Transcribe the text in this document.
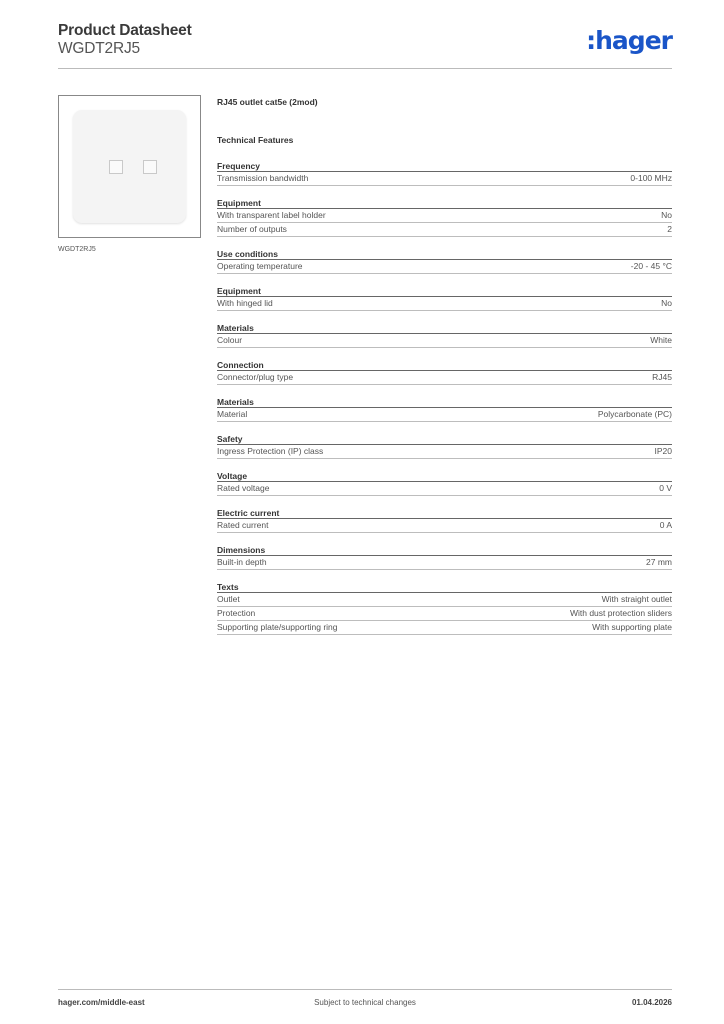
Product Datasheet
WGDT2RJ5	:hager
WGDT2RJ5
RJ45 outlet cat5e (2mod)
Technical Features
Frequency
Transmission bandwidth	0-100 MHz
Equipment
With transparent label holder	No
Number of outputs	2
Use conditions
Operating temperature	-20 - 45 °C
Equipment
With hinged lid	No
Materials
Colour	White
Connection
Connector/plug type	RJ45
Materials
Material	Polycarbonate (PC)
Safety
Ingress Protection (IP) class	IP20
Voltage
Rated voltage	0 V
Electric current
Rated current	0 A
Dimensions
Built-in depth	27 mm
Texts
Outlet	With straight outlet
Protection	With dust protection sliders
Supporting plate/supporting ring	With supporting plate
hager.com/middle-east	Subject to technical changes	01.04.2026
